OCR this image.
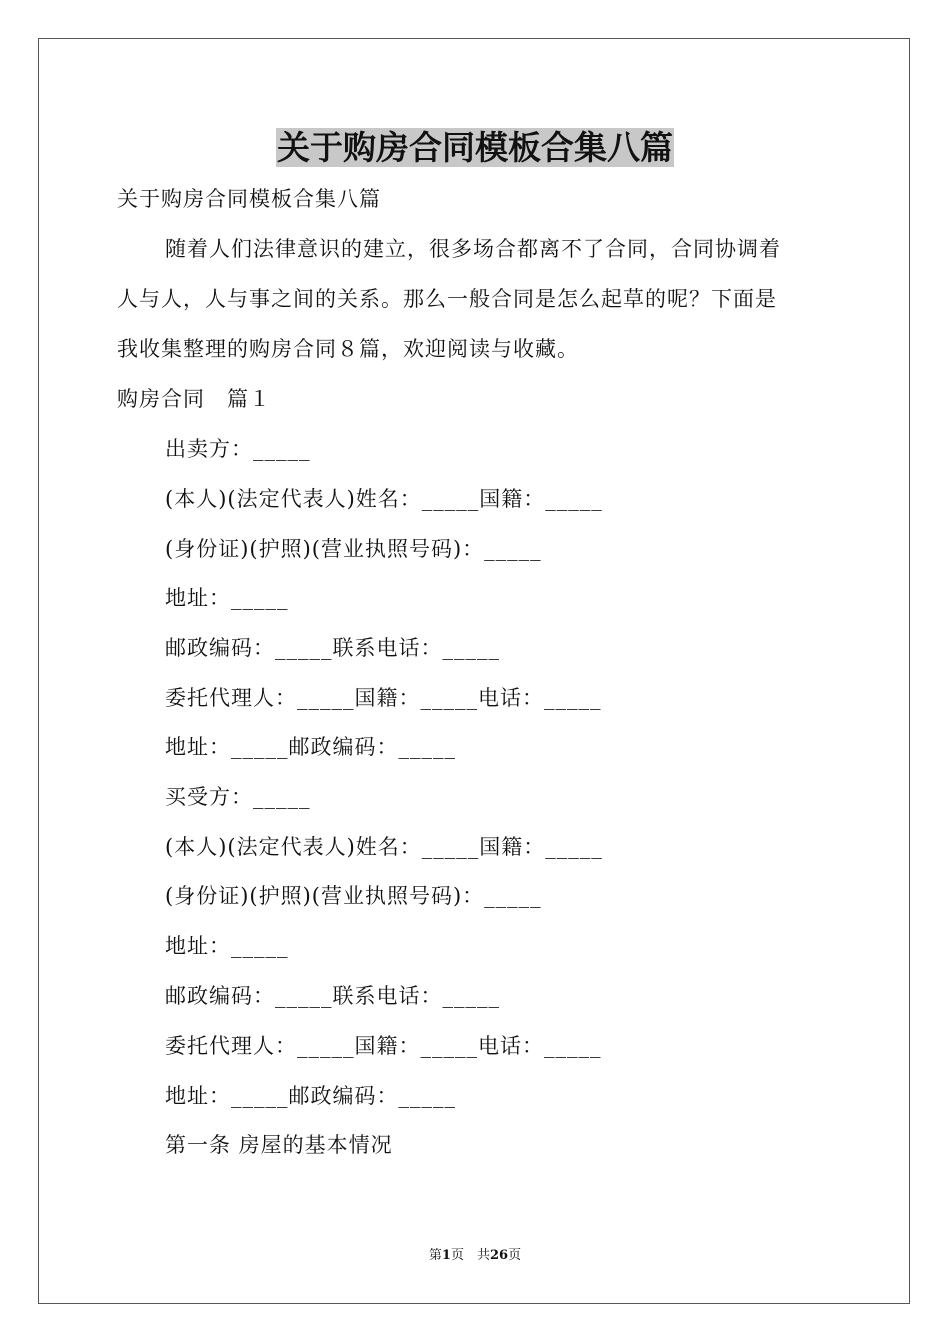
关于购房合同模板合集八篇
关于购房合同模板合集八篇
随着人们法律意识的建立，很多场合都离不了合同，合同协调着
人与人，人与事之间的关系。那么一般合同是怎么起草的呢？下面是
我收集整理的购房合同８篇，欢迎阅读与收藏。
购房合同　篇１
出卖方：_____
(本人)(法定代表人)姓名：_____国籍：_____
(身份证)(护照)(营业执照号码)：_____
地址：_____
邮政编码：_____联系电话：_____
委托代理人：_____国籍：_____电话：_____
地址：_____邮政编码：_____
买受方：_____
(本人)(法定代表人)姓名：_____国籍：_____
(身份证)(护照)(营业执照号码)：_____
地址：_____
邮政编码：_____联系电话：_____
委托代理人：_____国籍：_____电话：_____
地址：_____邮政编码：_____
第一条 房屋的基本情况
第1页　共26页
